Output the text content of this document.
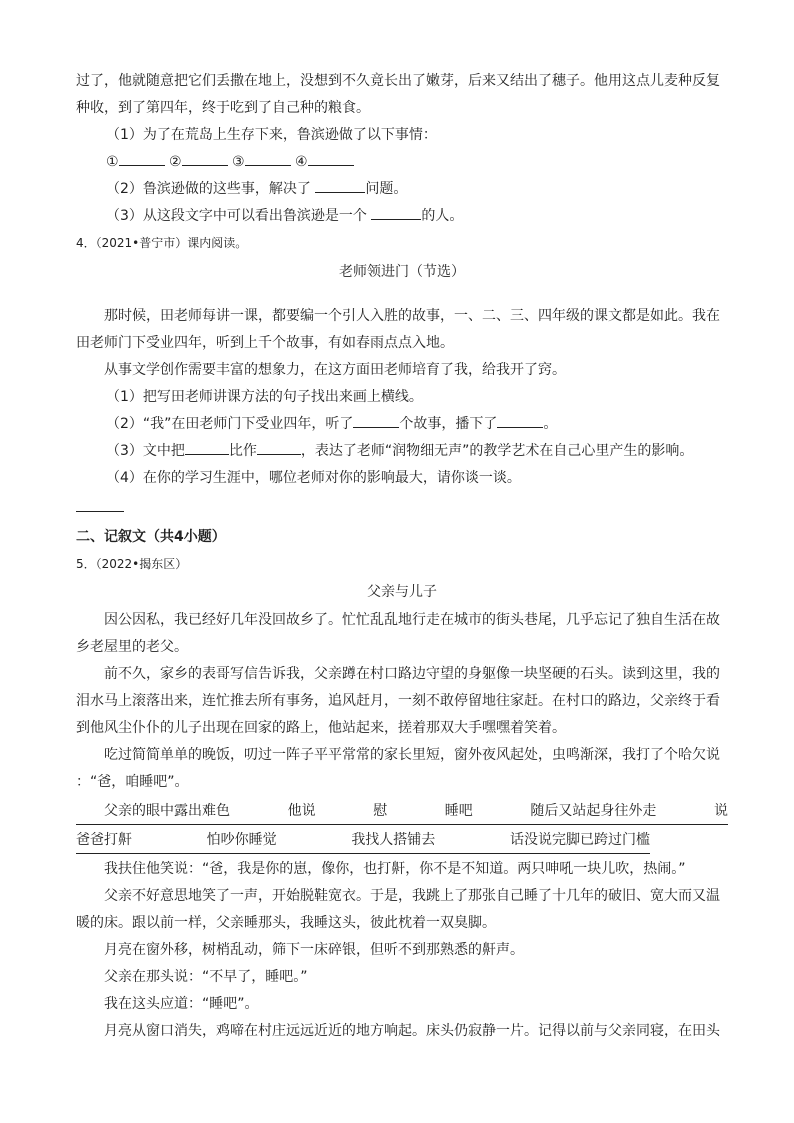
过了，他就随意把它们丢撒在地上，没想到不久竟长出了嫩芽，后来又结出了穗子。他用这点儿麦种反复

种收，到了第四年，终于吃到了自己种的粮食。

（1）为了在荒岛上生存下来，鲁滨逊做了以下事情：

①	②	③	④

（2）鲁滨逊做的这些事，解决了	问题。

（3）从这段文字中可以看出鲁滨逊是一个	的人。

4．（2021•普宁市）课内阅读。

老师领进门（节选）

那时候，田老师每讲一课，都要编一个引人入胜的故事，一、二、三、四年级的课文都是如此。我在

田老师门下受业四年，听到上千个故事，有如春雨点点入地。

从事文学创作需要丰富的想象力，在这方面田老师培育了我，给我开了窍。

（1）把写田老师讲课方法的句子找出来画上横线。

（2）“我”在田老师门下受业四年，听了	个故事，播下了	。

（3）文中把	比作	，表达了老师“润物细无声”的教学艺术在自己心里产生的影响。

（4）在你的学习生涯中，哪位老师对你的影响最大，请你谈一谈。

二、记叙文（共4小题）

5．（2022•揭东区）

父亲与儿子

因公因私，我已经好几年没回故乡了。忙忙乱乱地行走在城市的街头巷尾，几乎忘记了独自生活在故

乡老屋里的老父。

前不久，家乡的表哥写信告诉我，父亲蹲在村口路边守望的身躯像一块坚硬的石头。读到这里，我的

泪水马上滚落出来，连忙推去所有事务，追风赶月，一刻不敢停留地往家赶。在村口的路边，父亲终于看

到他风尘仆仆的儿子出现在回家的路上，他站起来，搓着那双大手嘿嘿着笑着。

吃过简简单单的晚饭，叨过一阵子平平常常的家长里短，窗外夜风起处，虫鸣渐深，我打了个哈欠说

：“爸，咱睡吧”。

父亲的眼中露出难色	他说	慰	睡吧	随后又站起身往外走	说
爸爸打鼾	怕吵你睡觉	我找人搭铺去	话没说完脚已跨过门槛

我扶住他笑说：“爸，我是你的崽，像你，也打鼾，你不是不知道。两只呻吼一块儿吹，热闹。”

父亲不好意思地笑了一声，开始脱鞋宽衣。于是，我跳上了那张自己睡了十几年的破旧、宽大而又温

暖的床。跟以前一样，父亲睡那头，我睡这头，彼此枕着一双臭脚。

月亮在窗外移，树梢乱动，筛下一床碎银，但听不到那熟悉的鼾声。

父亲在那头说：“不早了，睡吧。”

我在这头应道：“睡吧”。

月亮从窗口消失，鸡啼在村庄远远近近的地方响起。床头仍寂静一片。记得以前与父亲同寝，在田头
